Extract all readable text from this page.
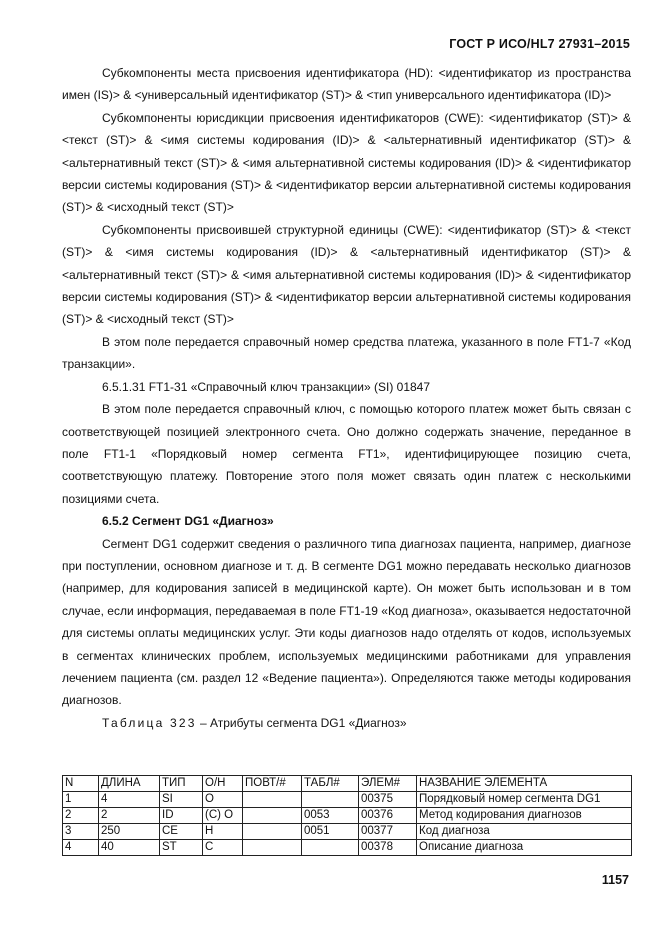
ГОСТ Р ИСО/HL7 27931–2015

Субкомпоненты места присвоения идентификатора (HD): <идентификатор из пространства имен (IS)> & <универсальный идентификатор (ST)> & <тип универсального идентификатора (ID)>

Субкомпоненты юрисдикции присвоения идентификаторов (CWE): <идентификатор (ST)> & <текст (ST)> & <имя системы кодирования (ID)> & <альтернативный идентификатор (ST)> & <альтернативный текст (ST)> & <имя альтернативной системы кодирования (ID)> & <идентификатор версии системы кодирования (ST)> & <идентификатор версии альтернативной системы кодирования (ST)> & <исходный текст (ST)>

Субкомпоненты присвоившей структурной единицы (CWE): <идентификатор (ST)> & <текст (ST)> & <имя системы кодирования (ID)> & <альтернативный идентификатор (ST)> & <альтернативный текст (ST)> & <имя альтернативной системы кодирования (ID)> & <идентификатор версии системы кодирования (ST)> & <идентификатор версии альтернативной системы кодирования (ST)> & <исходный текст (ST)>

В этом поле передается справочный номер средства платежа, указанного в поле FT1-7 «Код транзакции».

6.5.1.31 FT1-31 «Справочный ключ транзакции» (SI) 01847

В этом поле передается справочный ключ, с помощью которого платеж может быть связан с соответствующей позицией электронного счета. Оно должно содержать значение, переданное в поле FT1-1 «Порядковый номер сегмента FT1», идентифицирующее позицию счета, соответствующую платежу. Повторение этого поля может связать один платеж с несколькими позициями счета.

6.5.2 Сегмент DG1 «Диагноз»

Сегмент DG1 содержит сведения о различного типа диагнозах пациента, например, диагнозе при поступлении, основном диагнозе и т. д. В сегменте DG1 можно передавать несколько диагнозов (например, для кодирования записей в медицинской карте). Он может быть использован и в том случае, если информация, передаваемая в поле FT1-19 «Код диагноза», оказывается недостаточной для системы оплаты медицинских услуг. Эти коды диагнозов надо отделять от кодов, используемых в сегментах клинических проблем, используемых медицинскими работниками для управления лечением пациента (см. раздел 12 «Ведение пациента»). Определяются также методы кодирования диагнозов.

Таблица 323 – Атрибуты сегмента DG1 «Диагноз»
N	ДЛИНА	ТИП	О/Н	ПОВТ/#	ТАБЛ#	ЭЛЕМ#	НАЗВАНИЕ ЭЛЕМЕНТА
1	4	SI	O			00375	Порядковый номер сегмента DG1
2	2	ID	(С) О		0053	00376	Метод кодирования диагнозов
3	250	CE	H		0051	00377	Код диагноза
4	40	ST	C			00378	Описание диагноза
1157
